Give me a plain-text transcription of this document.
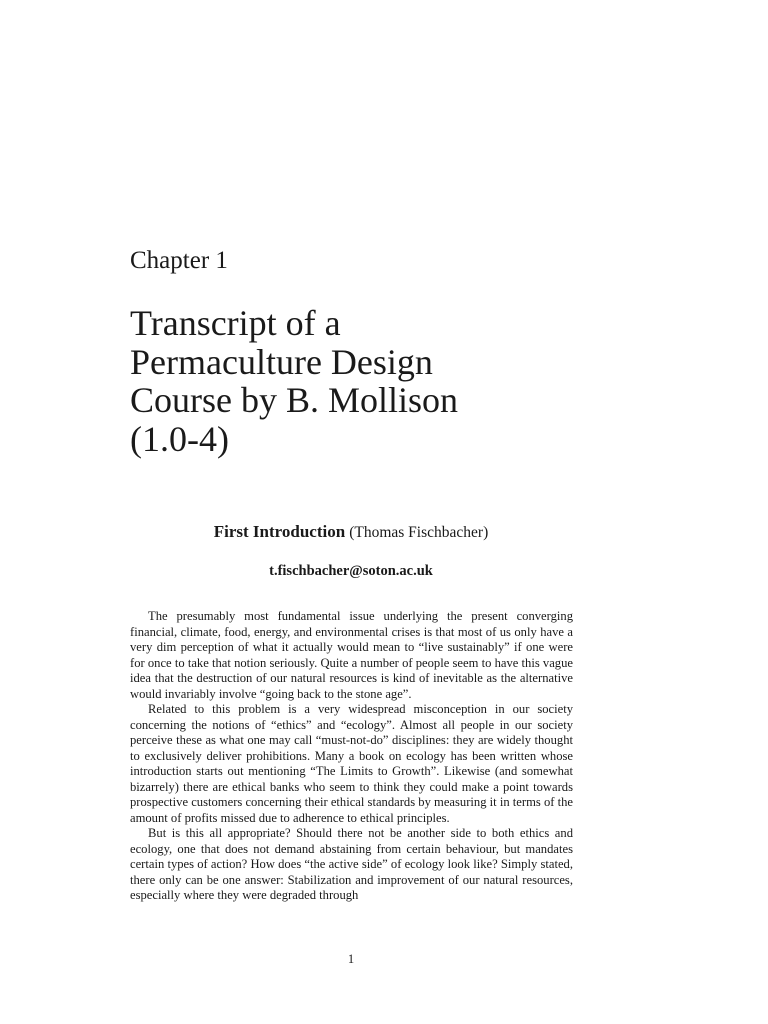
Chapter 1
Transcript of a
Permaculture Design
Course by B. Mollison
(1.0-4)
First Introduction (Thomas Fischbacher)
t.fischbacher@soton.ac.uk

The presumably most fundamental issue underlying the present converging financial, climate, food, energy, and environmental crises is that most of us only have a very dim perception of what it actually would mean to “live sustainably” if one were for once to take that notion seriously. Quite a number of people seem to have this vague idea that the destruction of our natural resources is kind of inevitable as the alternative would invariably involve “going back to the stone age”.

Related to this problem is a very widespread misconception in our society concerning the notions of “ethics” and “ecology”. Almost all people in our society perceive these as what one may call “must-not-do” disciplines: they are widely thought to exclusively deliver prohibitions. Many a book on ecology has been written whose introduction starts out mentioning “The Limits to Growth”. Likewise (and somewhat bizarrely) there are ethical banks who seem to think they could make a point towards prospective customers concerning their ethical standards by measuring it in terms of the amount of profits missed due to adherence to ethical principles.

But is this all appropriate? Should there not be another side to both ethics and ecology, one that does not demand abstaining from certain behaviour, but mandates certain types of action? How does “the active side” of ecology look like? Simply stated, there only can be one answer: Stabilization and improvement of our natural resources, especially where they were degraded through

1
